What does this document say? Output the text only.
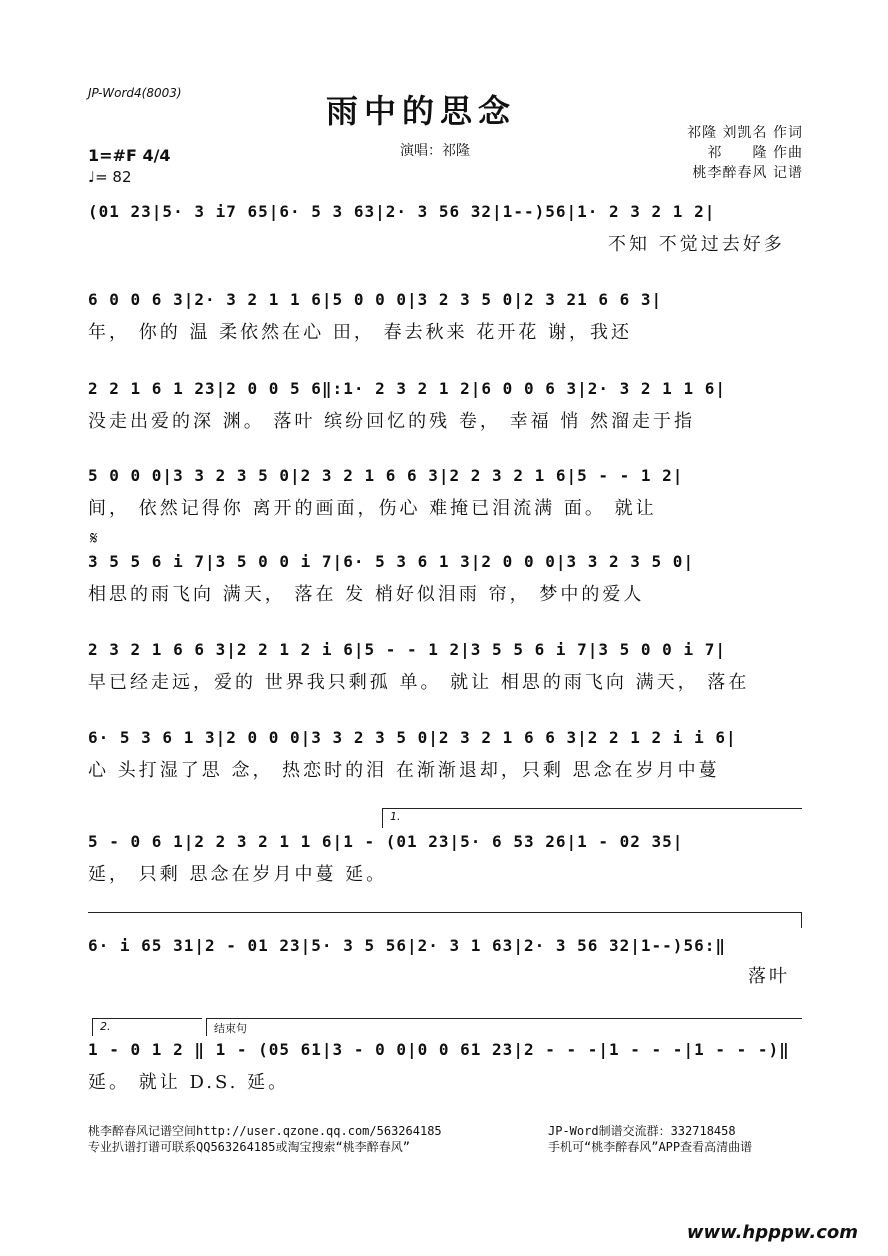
JP-Word4(8003)	雨中的思念
演唱：祁隆
祁隆 刘凯名 作词
祁　　隆 作曲
桃李醉春风 记谱
1=#F 4/4
♩= 82
(01 23|5· 3 i7 65|6· 5 3 63|2· 3 56 32|1--)56|1· 2 3 2 1 2|
不知 不觉过去好多
6 0 0 6 3|2· 3 2 1 1 6|5 0 0 0|3 2 3 5 0|2 3 21 6 6 3|
年， 你的 温 柔依然在心 田， 春去秋来 花开花 谢，我还
2 2 1 6 1 23|2 0 0 5 6‖:1· 2 3 2 1 2|6 0 0 6 3|2· 3 2 1 1 6|
没走出爱的深 渊。 落叶 缤纷回忆的残 卷， 幸福 悄 然溜走于指
5 0 0 0|3 3 2 3 5 0|2 3 2 1 6 6 3|2 2 3 2 1 6|5 - - 1 2|
间， 依然记得你 离开的画面，伤心 难掩已泪流满 面。 就让
𝄋
3 5 5 6 i 7|3 5 0 0 i 7|6· 5 3 6 1 3|2 0 0 0|3 3 2 3 5 0|
相思的雨飞向 满天， 落在 发 梢好似泪雨 帘， 梦中的爱人
2 3 2 1 6 6 3|2 2 1 2 i 6|5 - - 1 2|3 5 5 6 i 7|3 5 0 0 i 7|
早已经走远，爱的 世界我只剩孤 单。 就让 相思的雨飞向 满天， 落在
6· 5 3 6 1 3|2 0 0 0|3 3 2 3 5 0|2 3 2 1 6 6 3|2 2 1 2 i i 6|
心 头打湿了思 念， 热恋时的泪 在渐渐退却，只剩 思念在岁月中蔓
1.
5 - 0 6 1|2 2 3 2 1 1 6|1 - (01 23|5· 6 53 26|1 - 02 35|
延， 只剩 思念在岁月中蔓 延。
6· i 65 31|2 - 01 23|5· 3 5 56|2· 3 1 63|2· 3 56 32|1--)56:‖
落叶
2.	结束句
1 - 0 1 2 ‖ 1 - (05 61|3 - 0 0|0 0 61 23|2 - - -|1 - - -|1 - - -)‖
延。 就让 D.S. 延。
桃李醉春风记谱空间http://user.qzone.qq.com/563264185
专业扒谱打谱可联系QQ563264185或淘宝搜索“桃李醉春风”
JP-Word制谱交流群：332718458
手机可“桃李醉春风”APP查看高清曲谱
www.hpppw.com
